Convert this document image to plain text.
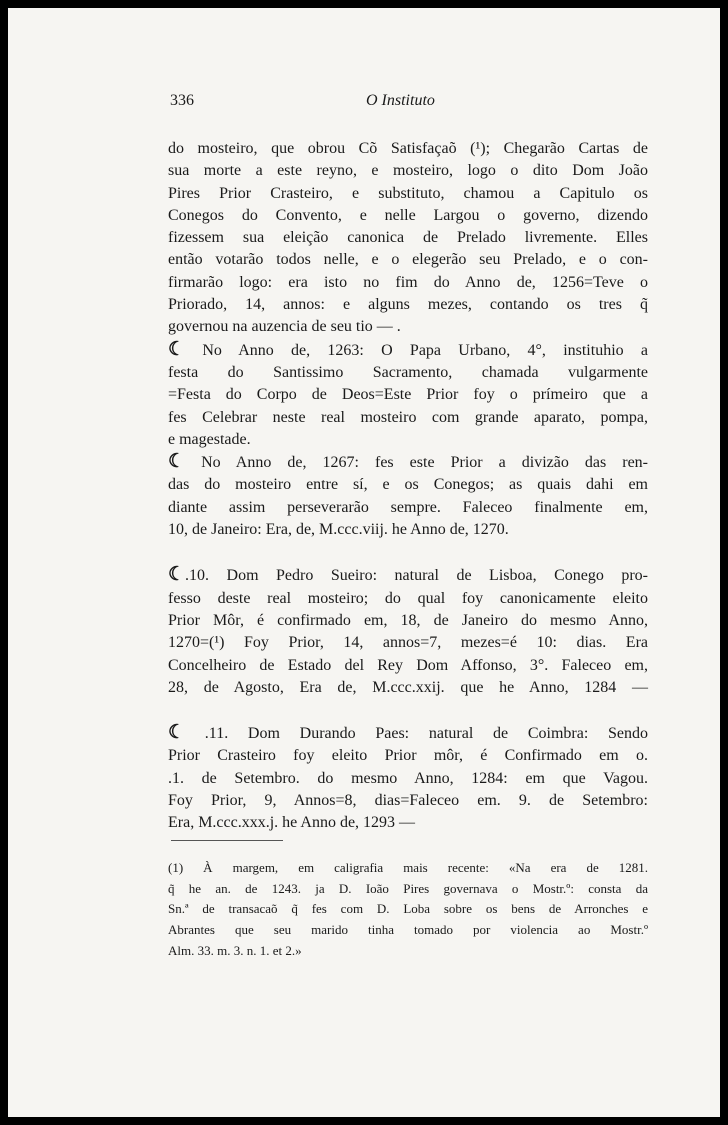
336	O Instituto
do mosteiro, que obrou Cõ Satisfaçaõ (¹); Chegarão Cartas de
sua morte a este reyno, e mosteiro, logo o dito Dom João
Pires Prior Crasteiro, e substituto, chamou a Capitulo os
Conegos do Convento, e nelle Largou o governo, dizendo
fizessem sua eleição canonica de Prelado livremente. Elles
então votarão todos nelle, e o elegerão seu Prelado, e o con-
firmarão logo: era isto no fim do Anno de, 1256=Teve o
Priorado, 14, annos: e alguns mezes, contando os tres q̃
governou na auzencia de seu tio — .
☾ No Anno de, 1263: O Papa Urbano, 4°, instituhio a
festa do Santissimo Sacramento, chamada vulgarmente
=Festa do Corpo de Deos=Este Prior foy o prímeiro que a
fes Celebrar neste real mosteiro com grande aparato, pompa,
e magestade.
☾ No Anno de, 1267: fes este Prior a divizão das ren-
das do mosteiro entre sí, e os Conegos; as quais dahi em
diante assim perseverarão sempre. Faleceo finalmente em,
10, de Janeiro: Era, de, M.ccc.viij. he Anno de, 1270.
☾.10. Dom Pedro Sueiro: natural de Lisboa, Conego pro-
fesso deste real mosteiro; do qual foy canonicamente eleito
Prior Môr, é confirmado em, 18, de Janeiro do mesmo Anno,
1270=(¹) Foy Prior, 14, annos=7, mezes=é 10: dias. Era
Concelheiro de Estado del Rey Dom Affonso, 3°. Faleceo em,
28, de Agosto, Era de, M.ccc.xxij. que he Anno, 1284 —
☾ .11. Dom Durando Paes: natural de Coimbra: Sendo
Prior Crasteiro foy eleito Prior môr, é Confirmado em o.
.1. de Setembro. do mesmo Anno, 1284: em que Vagou.
Foy Prior, 9, Annos=8, dias=Faleceo em. 9. de Setembro:
Era, M.ccc.xxx.j. he Anno de, 1293 —
(1) À margem, em caligrafia mais recente: «Na era de 1281.
q̃ he an. de 1243. ja D. Ioão Pires governava o Mostr.º: consta da
Sn.ª de transacaõ q̃ fes com D. Loba sobre os bens de Arronches e
Abrantes que seu marido tinha tomado por violencia ao Mostr.º
Alm. 33. m. 3. n. 1. et 2.»
